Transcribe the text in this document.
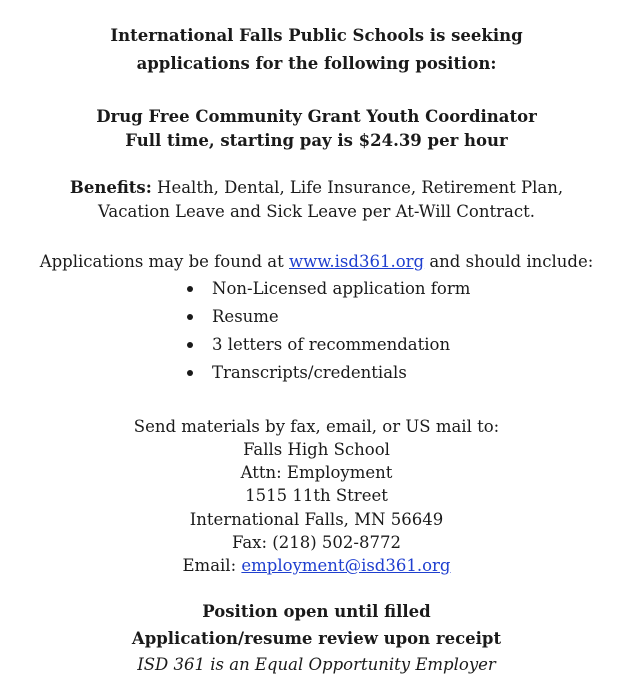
International Falls Public Schools is seeking
applications for the following position:
Drug Free Community Grant Youth Coordinator
Full time, starting pay is $24.39 per hour
Benefits: Health, Dental, Life Insurance, Retirement Plan,
Vacation Leave and Sick Leave per At-Will Contract.
Applications may be found at www.isd361.org and should include:
Non-Licensed application form
Resume
3 letters of recommendation
Transcripts/credentials
Send materials by fax, email, or US mail to:
Falls High School
Attn: Employment
1515 11th Street
International Falls, MN 56649
Fax: (218) 502-8772
Email: employment@isd361.org
Position open until filled
Application/resume review upon receipt
ISD 361 is an Equal Opportunity Employer
